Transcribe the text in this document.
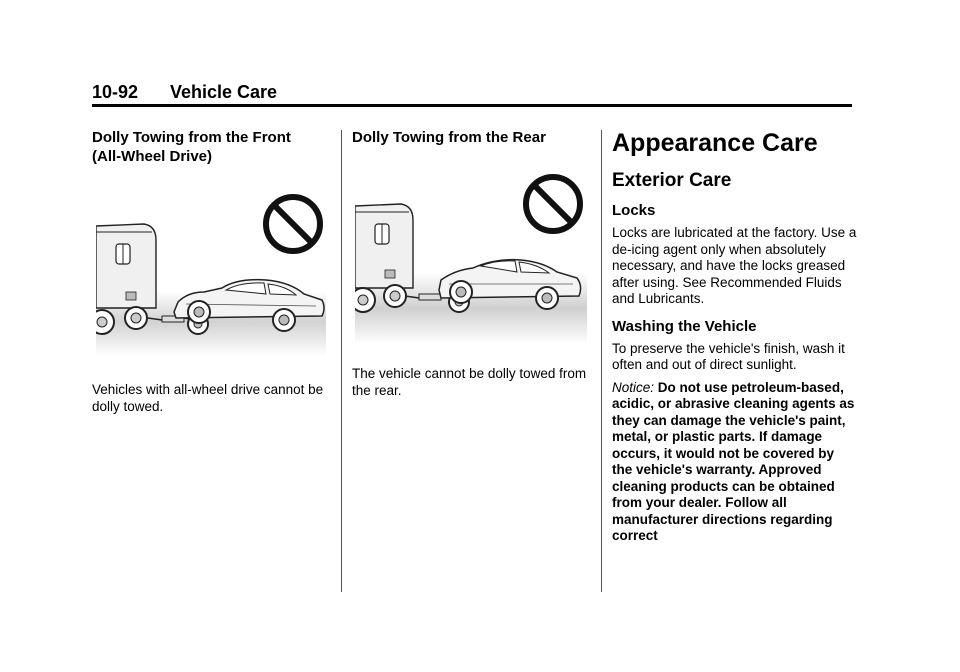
10-92 Vehicle Care
Dolly Towing from the Front
(All-Wheel Drive)

Vehicles with all-wheel drive cannot be dolly towed.

Dolly Towing from the Rear

The vehicle cannot be dolly towed from the rear.

Appearance Care
Exterior Care
Locks

Locks are lubricated at the factory. Use a de-icing agent only when absolutely necessary, and have the locks greased after using. See Recommended Fluids and Lubricants.

Washing the Vehicle

To preserve the vehicle's finish, wash it often and out of direct sunlight.

Notice: Do not use petroleum-based, acidic, or abrasive cleaning agents as they can damage the vehicle's paint, metal, or plastic parts. If damage occurs, it would not be covered by the vehicle's warranty. Approved cleaning products can be obtained from your dealer. Follow all manufacturer directions regarding correct
